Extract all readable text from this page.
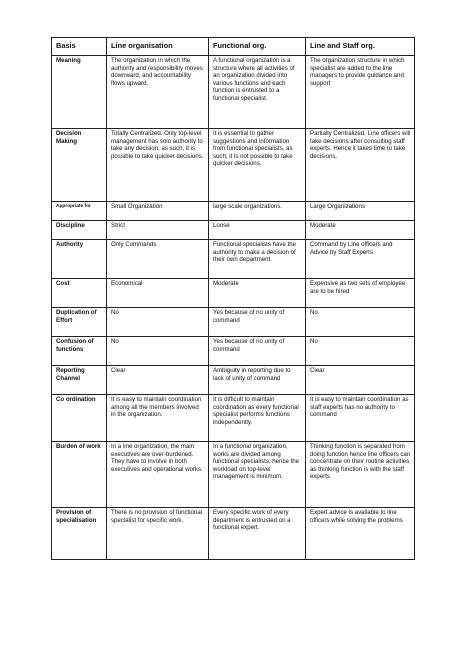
Basis	Line organisation	Functional org.	Line and Staff org.
Meaning	The organization in which the authority and responsibility moves downward, and accountability flows upward.	A functional organization is a structure where all activities of an organization divided into various functions and each function is entrusted to a functional specialist.	The organization structure in which specialist are added to the line managers to provide guidance and support
Decision Making	Totally Centralized. Only top-level management has solo authority to take any decision, as such, it is possible to take quicker decisions.	It is essential to gather suggestions and information from functional specialists, as such, it is not possible to take quicker decisions.	Partially Centralized. Line officers will take decisions after consulting staff experts. Hence it takes time to take decisions.
Appropriate for	Small Organization	large scale organizations.	Large Organizations
Discipline	Strict	Loose	Moderate
Authority	Only Commands	Functional specialists have the authority to make a decision of their own department.	Command by Line officers and Advice by Staff Experts
Cost	Economical	Moderate	Expensive as two sets of employee are to be hired
Duplication of Effort	No	Yes because of no unity of command	No
Confusion of functions	No	Yes because of no unity of command	No
Reporting Channel	Clear	Ambiguity in reporting due to lack of unity of command	Clear
Co ordination	It is easy to maintain coordination among all the members involved in the organization.	It is difficult to maintain coordination as every functional specialist performs functions independently.	It is easy to maintain coordination as staff experts has no authority to command
Burden of work	In a line organization, the main executives are over-burdened. They have to involve in both executives and operational works.	In a functional organization, works are divided among functional specialists; hence the workload on top-level management is minimum.	Thinking function is separated from doing function hence line officers can concentrate on their routine activities as thinking function is with the staff experts
Provision of specialisation	There is no provision of functional specialist for specific work.	Every specific work of every department is entrusted on a functional expert.	Expert advice is available to line officers while solving the problems
